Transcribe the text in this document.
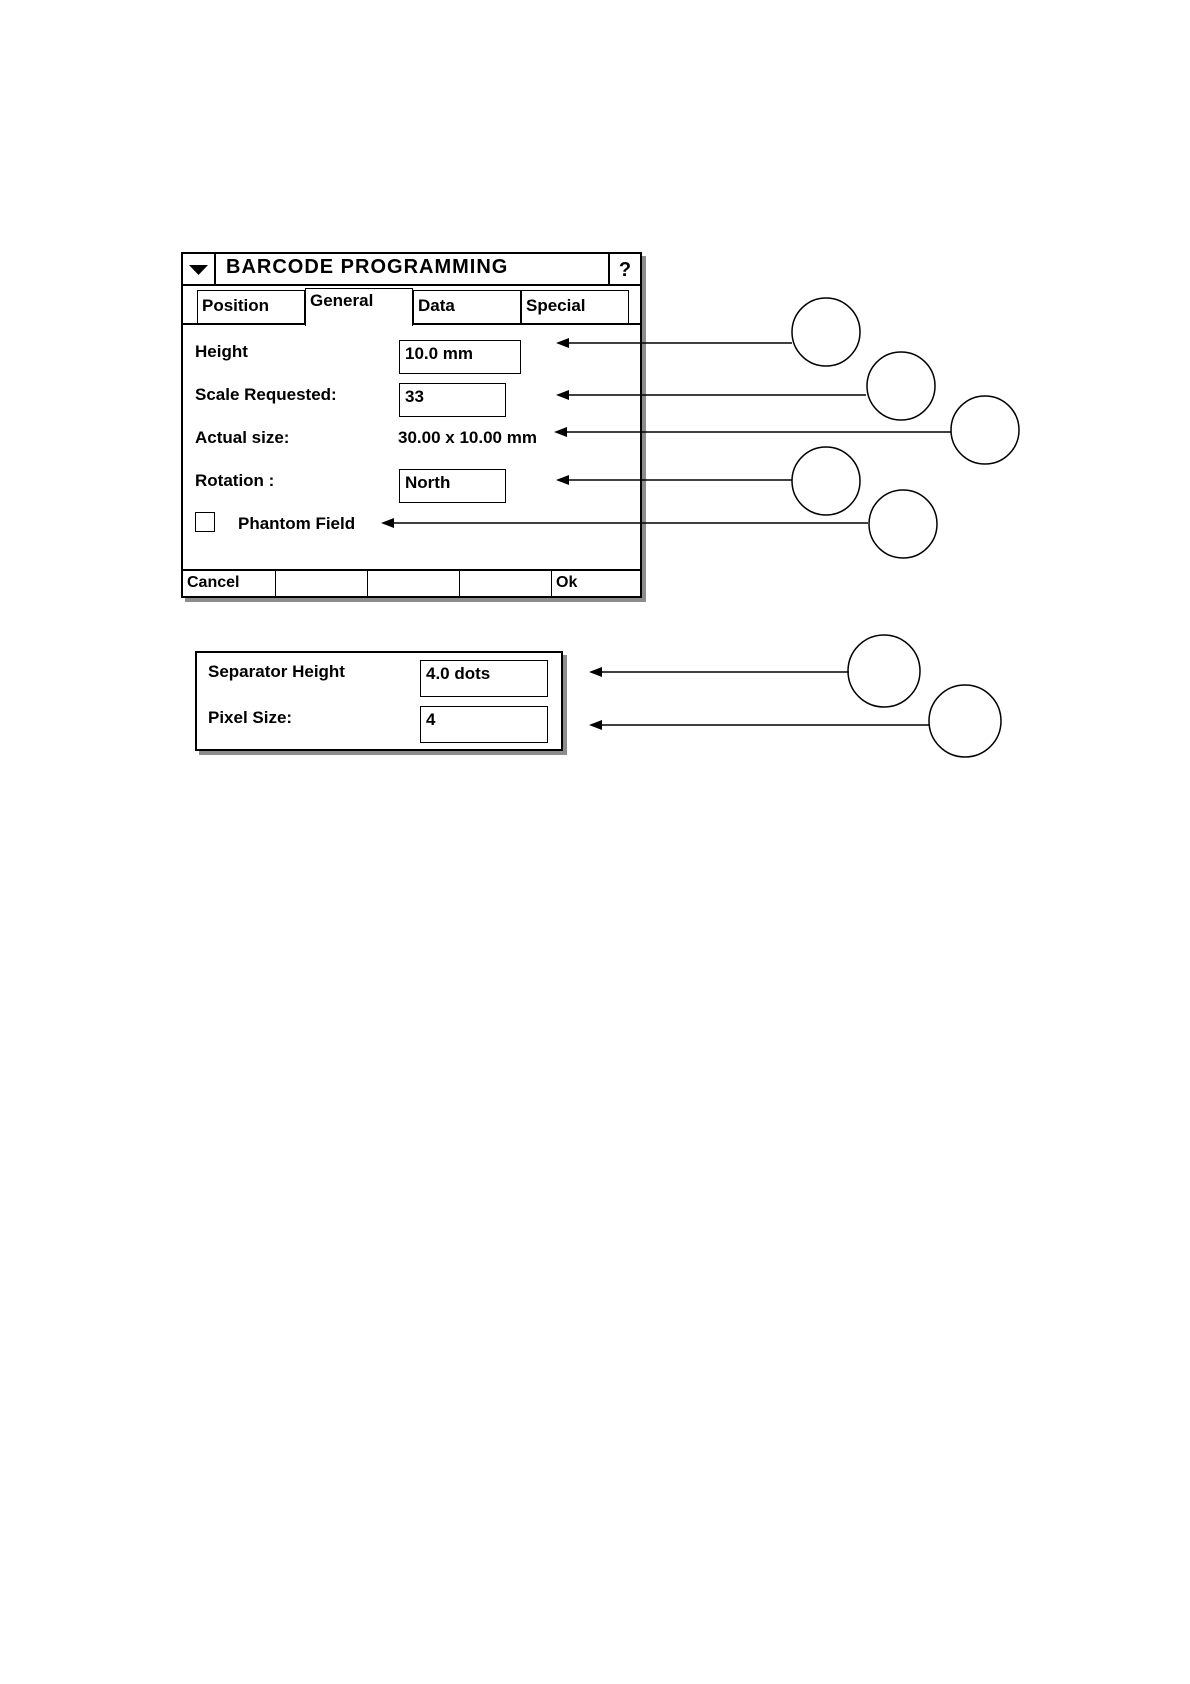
BARCODE PROGRAMMING	?
Position	General	Data	Special
Height	10.0 mm
Scale Requested:	33
Actual size:	30.00 x 10.00 mm
Rotation :	North
Phantom Field
Cancel	Ok
Separator Height	4.0 dots
Pixel Size:	4
